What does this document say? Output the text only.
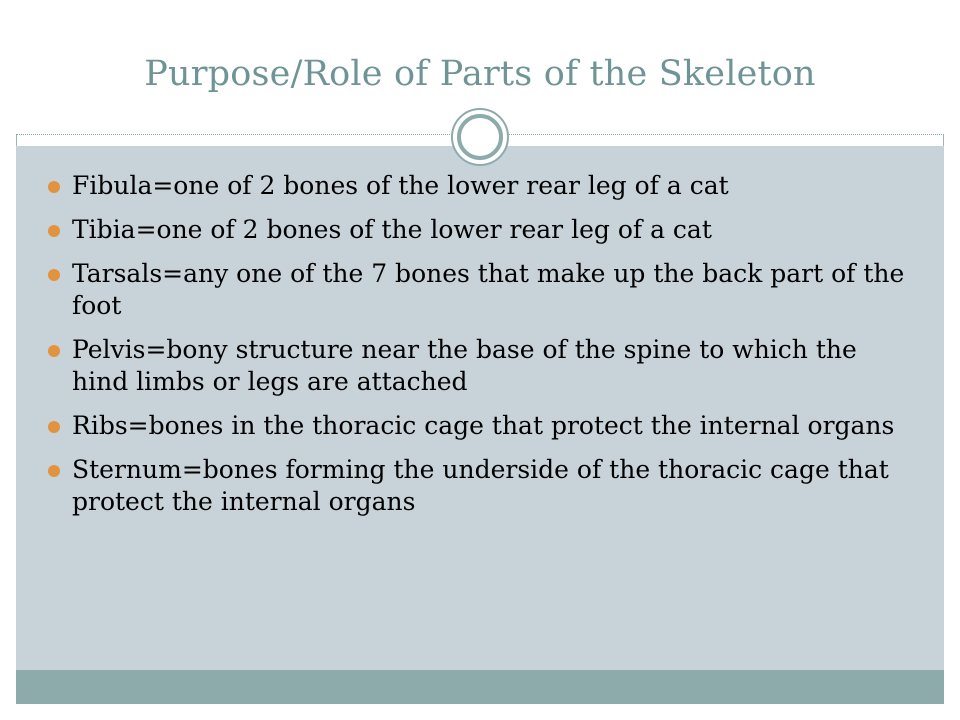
Purpose/Role of Parts of the Skeleton
Fibula=one of 2 bones of the lower rear leg of a cat
Tibia=one of 2 bones of the lower rear leg of a cat
Tarsals=any one of the 7 bones that make up the back part of the foot
Pelvis=bony structure near the base of the spine to which the hind limbs or legs are attached
Ribs=bones in the thoracic cage that protect the internal organs
Sternum=bones forming the underside of the thoracic cage that protect the internal organs
